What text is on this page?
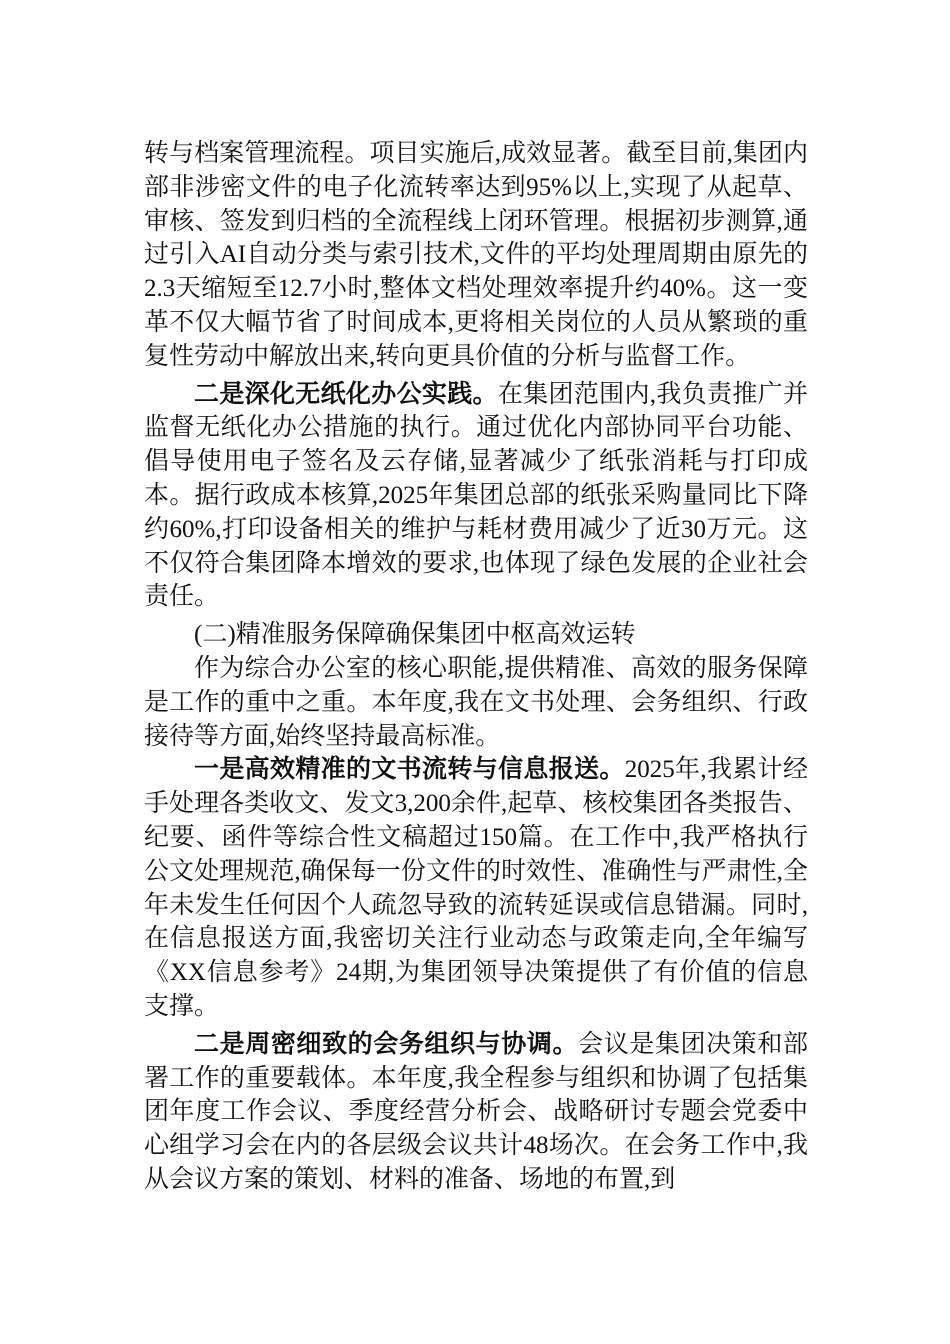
转与档案管理流程。项目实施后,成效显著。截至目前,集团内部非涉密文件的电子化流转率达到95%以上,实现了从起草、审核、签发到归档的全流程线上闭环管理。根据初步测算,通过引入AI自动分类与索引技术,文件的平均处理周期由原先的2.3天缩短至12.7小时,整体文档处理效率提升约40%。这一变革不仅大幅节省了时间成本,更将相关岗位的人员从繁琐的重复性劳动中解放出来,转向更具价值的分析与监督工作。

二是深化无纸化办公实践。在集团范围内,我负责推广并监督无纸化办公措施的执行。通过优化内部协同平台功能、倡导使用电子签名及云存储,显著减少了纸张消耗与打印成本。据行政成本核算,2025年集团总部的纸张采购量同比下降约60%,打印设备相关的维护与耗材费用减少了近30万元。这不仅符合集团降本增效的要求,也体现了绿色发展的企业社会责任。

(二)精准服务保障确保集团中枢高效运转

作为综合办公室的核心职能,提供精准、高效的服务保障是工作的重中之重。本年度,我在文书处理、会务组织、行政接待等方面,始终坚持最高标准。

一是高效精准的文书流转与信息报送。2025年,我累计经手处理各类收文、发文3,200余件,起草、核校集团各类报告、纪要、函件等综合性文稿超过150篇。在工作中,我严格执行公文处理规范,确保每一份文件的时效性、准确性与严肃性,全年未发生任何因个人疏忽导致的流转延误或信息错漏。同时,在信息报送方面,我密切关注行业动态与政策走向,全年编写《XX信息参考》24期,为集团领导决策提供了有价值的信息支撑。

二是周密细致的会务组织与协调。会议是集团决策和部署工作的重要载体。本年度,我全程参与组织和协调了包括集团年度工作会议、季度经营分析会、战略研讨专题会党委中心组学习会在内的各层级会议共计48场次。在会务工作中,我从会议方案的策划、材料的准备、场地的布置,到
